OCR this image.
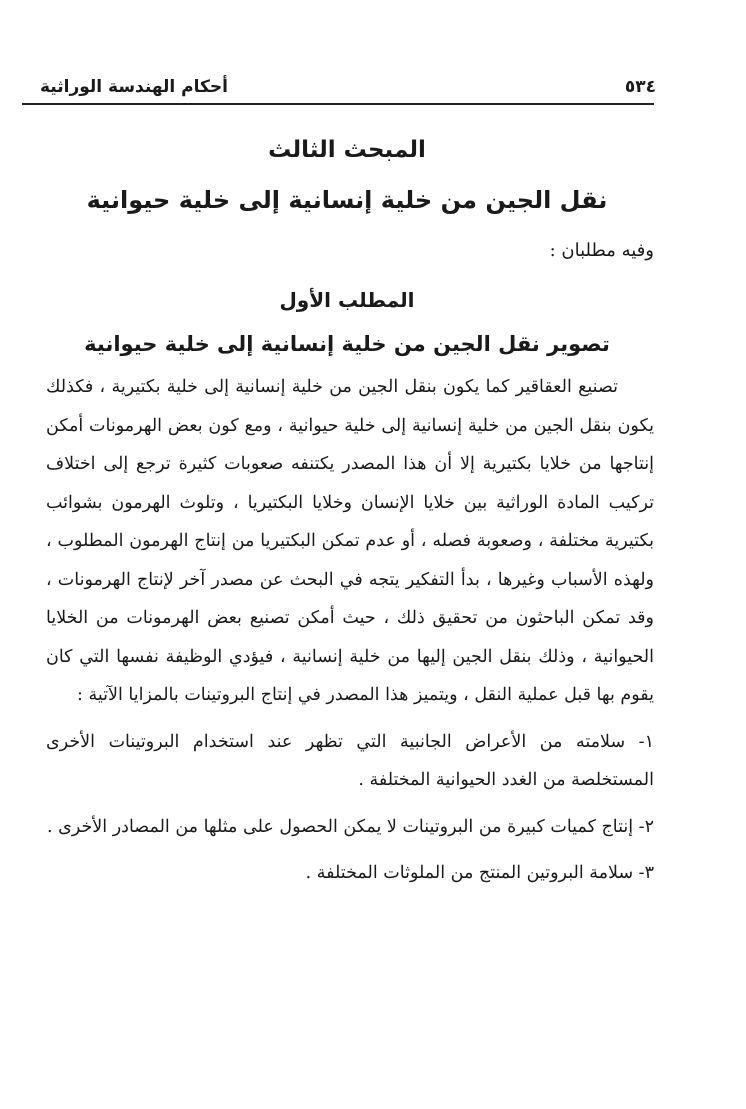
٥٣٤
أحكام الهندسة الوراثية
المبحث الثالث
نقل الجين من خلية إنسانية إلى خلية حيوانية
وفيه مطلبان :
المطلب الأول
تصوير نقل الجين من خلية إنسانية إلى خلية حيوانية

تصنيع العقاقير كما يكون بنقل الجين من خلية إنسانية إلى خلية بكتيرية ، فكذلك يكون بنقل الجين من خلية إنسانية إلى خلية حيوانية ، ومع كون بعض الهرمونات أمكن إنتاجها من خلايا بكتيرية إلا أن هذا المصدر يكتنفه صعوبات كثيرة ترجع إلى اختلاف تركيب المادة الوراثية بين خلايا الإنسان وخلايا البكتيريا ، وتلوث الهرمون بشوائب بكتيرية مختلفة ، وصعوبة فصله ، أو عدم تمكن البكتيريا من إنتاج الهرمون المطلوب ، ولهذه الأسباب وغيرها ، بدأ التفكير يتجه في البحث عن مصدر آخر لإنتاج الهرمونات ، وقد تمكن الباحثون من تحقيق ذلك ، حيث أمكن تصنيع بعض الهرمونات من الخلايا الحيوانية ، وذلك بنقل الجين إليها من خلية إنسانية ، فيؤدي الوظيفة نفسها التي كان يقوم بها قبل عملية النقل ، ويتميز هذا المصدر في إنتاج البروتينات بالمزايا الآتية :

١- سلامته من الأعراض الجانبية التي تظهر عند استخدام البروتينات الأخرى المستخلصة من الغدد الحيوانية المختلفة .

٢- إنتاج كميات كبيرة من البروتينات لا يمكن الحصول على مثلها من المصادر الأخرى .

٣- سلامة البروتين المنتج من الملوثات المختلفة .
